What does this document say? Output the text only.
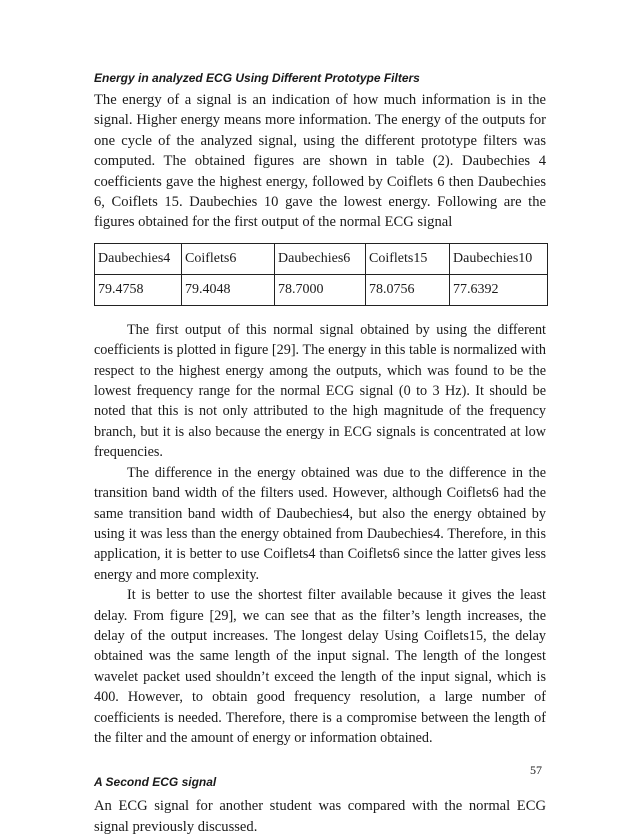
Energy in analyzed ECG Using Different Prototype Filters

The energy of a signal is an indication of how much information is in the signal. Higher energy means more information. The energy of the outputs for one cycle of the analyzed signal, using the different prototype filters was computed. The obtained figures are shown in table (2). Daubechies 4 coefficients gave the highest energy, followed by Coiflets 6 then Daubechies 6, Coiflets 15. Daubechies 10 gave the lowest energy. Following are the figures obtained for the first output of the normal ECG signal

Daubechies4	Coiflets6	Daubechies6	Coiflets15	Daubechies10
79.4758	79.4048	78.7000	78.0756	77.6392

The first output of this normal signal obtained by using the different coefficients is plotted in figure [29]. The energy in this table is normalized with respect to the highest energy among the outputs, which was found to be the lowest frequency range for the normal ECG signal (0 to 3 Hz). It should be noted that this is not only attributed to the high magnitude of the frequency branch, but it is also because the energy in ECG signals is concentrated at low frequencies.

The difference in the energy obtained was due to the difference in the transition band width of the filters used. However, although Coiflets6 had the same transition band width of Daubechies4, but also the energy obtained by using it was less than the energy obtained from Daubechies4. Therefore, in this application, it is better to use Coiflets4 than Coiflets6 since the latter gives less energy and more complexity.

It is better to use the shortest filter available because it gives the least delay. From figure [29], we can see that as the filter’s length increases, the delay of the output increases. The longest delay Using Coiflets15, the delay obtained was the same length of the input signal. The length of the longest wavelet packet used shouldn’t exceed the length of the input signal, which is 400. However, to obtain good frequency resolution, a large number of coefficients is needed. Therefore, there is a compromise between the length of the filter and the amount of energy or information obtained.

A Second ECG signal

An ECG signal for another student was compared with the normal ECG signal previously discussed.

57
